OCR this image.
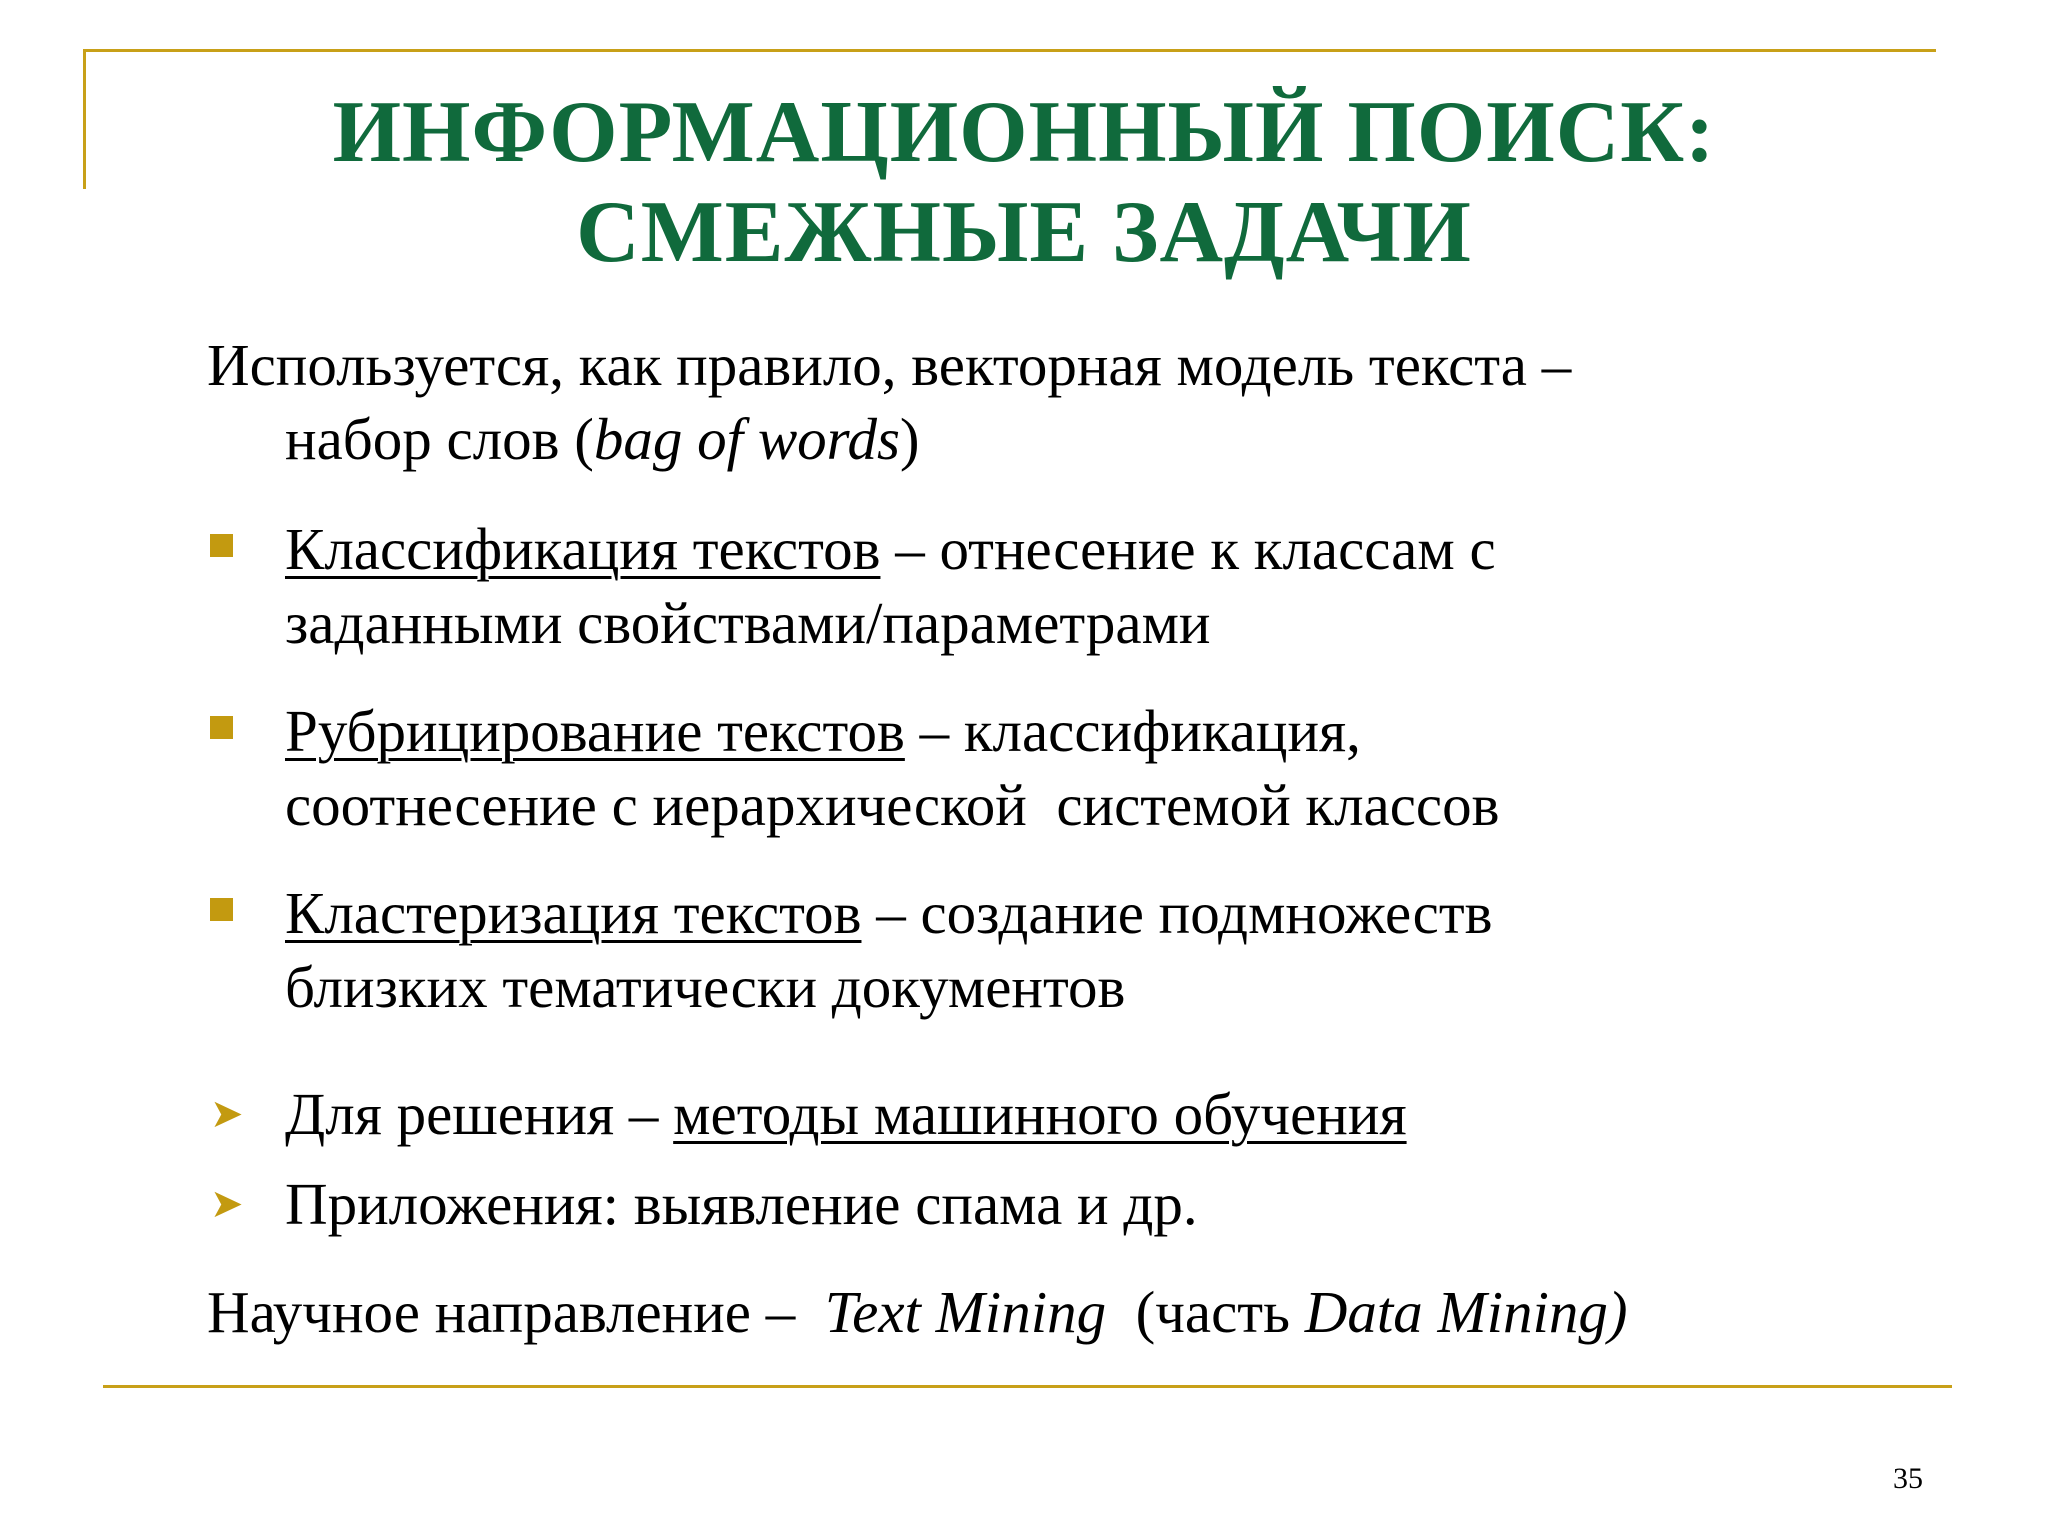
ИНФОРМАЦИОННЫЙ ПОИСК:
СМЕЖНЫЕ ЗАДАЧИ

Используется, как правило, векторная модель текста –
набор слов (bag of words)

Классификация текстов – отнесение к классам с
заданными свойствами/параметрами
Рубрицирование текстов – классификация,
соотнесение с иерархической  системой классов
Кластеризация текстов – создание подмножеств
близких тематически документов
➤ Для решения – методы машинного обучения
➤ Приложения: выявление спама и др.

Научное направление –  Text Mining  (часть Data Mining)

35
